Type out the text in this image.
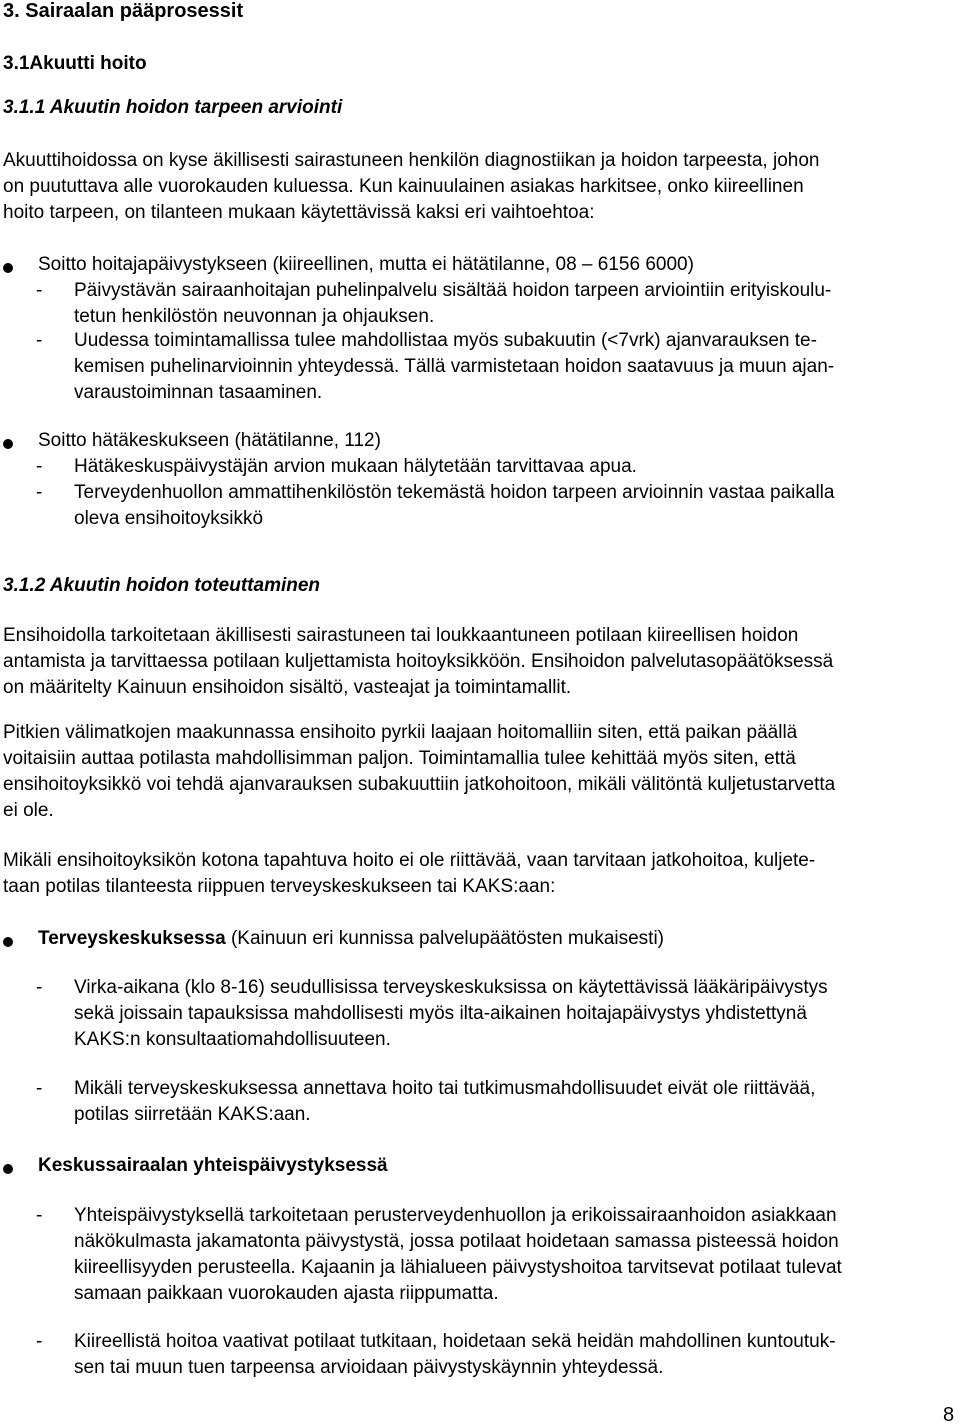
3. Sairaalan pääprosessit
3.1Akuutti hoito
3.1.1 Akuutin hoidon tarpeen arviointi
Akuuttihoidossa on kyse äkillisesti sairastuneen henkilön diagnostiikan ja hoidon tarpeesta, johon
on puututtava alle vuorokauden kuluessa. Kun kainuulainen asiakas harkitsee, onko kiireellinen
hoito tarpeen, on tilanteen mukaan käytettävissä kaksi eri vaihtoehtoa:
Soitto hoitajapäivystykseen (kiireellinen, mutta ei hätätilanne, 08 – 6156 6000)
- Päivystävän sairaanhoitajan puhelinpalvelu sisältää hoidon tarpeen arviointiin erityiskoulu-
tetun henkilöstön neuvonnan ja ohjauksen.
- Uudessa toimintamallissa tulee mahdollistaa myös subakuutin (<7vrk) ajanvarauksen te-
kemisen puhelinarvioinnin yhteydessä. Tällä varmistetaan hoidon saatavuus ja muun ajan-
varaustoiminnan tasaaminen.
Soitto hätäkeskukseen (hätätilanne, 112)
- Hätäkeskuspäivystäjän arvion mukaan hälytetään tarvittavaa apua.
- Terveydenhuollon ammattihenkilöstön tekemästä hoidon tarpeen arvioinnin vastaa paikalla
oleva ensihoitoyksikkö
3.1.2 Akuutin hoidon toteuttaminen
Ensihoidolla tarkoitetaan äkillisesti sairastuneen tai loukkaantuneen potilaan kiireellisen hoidon
antamista ja tarvittaessa potilaan kuljettamista hoitoyksikköön. Ensihoidon palvelutasopäätöksessä
on määritelty Kainuun ensihoidon sisältö, vasteajat ja toimintamallit.
Pitkien välimatkojen maakunnassa ensihoito pyrkii laajaan hoitomalliin siten, että paikan päällä
voitaisiin auttaa potilasta mahdollisimman paljon. Toimintamallia tulee kehittää myös siten, että
ensihoitoyksikkö voi tehdä ajanvarauksen subakuuttiin jatkohoitoon, mikäli välitöntä kuljetustarvetta
ei ole.
Mikäli ensihoitoyksikön kotona tapahtuva hoito ei ole riittävää, vaan tarvitaan jatkohoitoa, kuljete-
taan potilas tilanteesta riippuen terveyskeskukseen tai KAKS:aan:
Terveyskeskuksessa (Kainuun eri kunnissa palvelupäätösten mukaisesti)
- Virka-aikana (klo 8-16) seudullisissa terveyskeskuksissa on käytettävissä lääkäripäivystys
sekä joissain tapauksissa mahdollisesti myös ilta-aikainen hoitajapäivystys yhdistettynä
KAKS:n konsultaatiomahdollisuuteen.
- Mikäli terveyskeskuksessa annettava hoito tai tutkimusmahdollisuudet eivät ole riittävää,
potilas siirretään KAKS:aan.
Keskussairaalan yhteispäivystyksessä
- Yhteispäivystyksellä tarkoitetaan perusterveydenhuollon ja erikoissairaanhoidon asiakkaan
näkökulmasta jakamatonta päivystystä, jossa potilaat hoidetaan samassa pisteessä hoidon
kiireellisyyden perusteella. Kajaanin ja lähialueen päivystyshoitoa tarvitsevat potilaat tulevat
samaan paikkaan vuorokauden ajasta riippumatta.
- Kiireellistä hoitoa vaativat potilaat tutkitaan, hoidetaan sekä heidän mahdollinen kuntoutuk-
sen tai muun tuen tarpeensa arvioidaan päivystyskäynnin yhteydessä.
8
